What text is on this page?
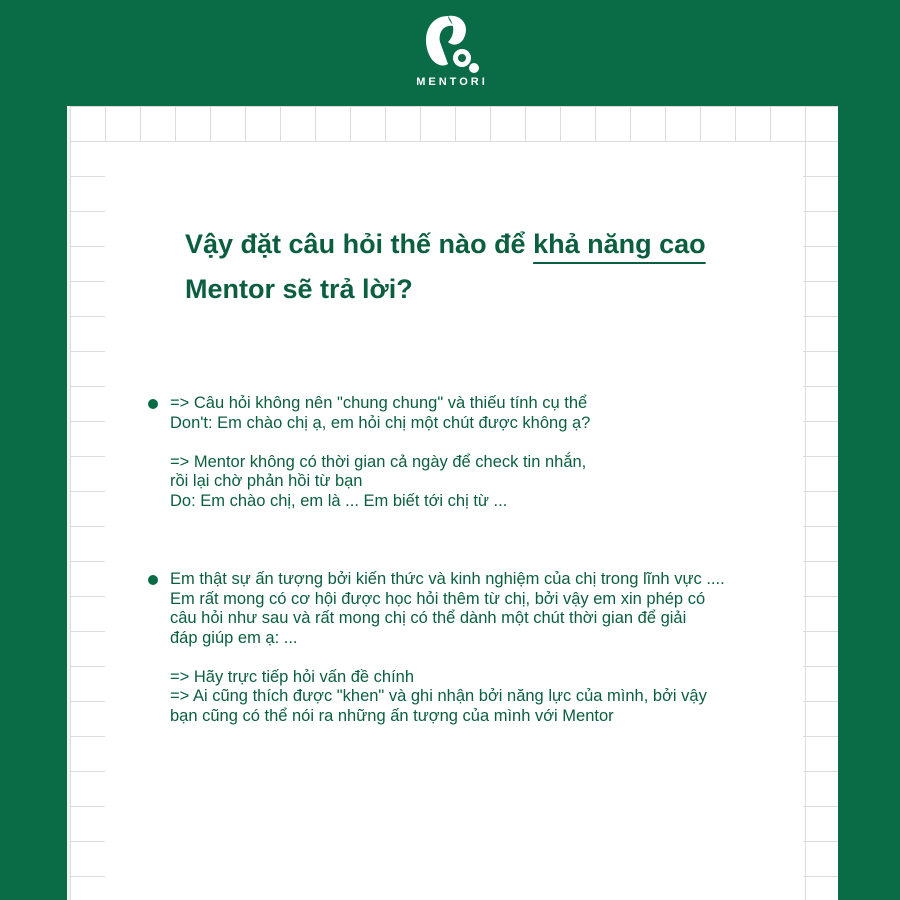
MENTORI
Vậy đặt câu hỏi thế nào để khả năng cao
Mentor sẽ trả lời?

=> Câu hỏi không nên "chung chung" và thiếu tính cụ thể

Don't: Em chào chị ạ, em hỏi chị một chút được không ạ?

=> Mentor không có thời gian cả ngày để check tin nhắn,

rồi lại chờ phản hồi từ bạn

Do: Em chào chị, em là ... Em biết tới chị từ ...

Em thật sự ấn tượng bởi kiến thức và kinh nghiệm của chị trong lĩnh vực ....

Em rất mong có cơ hội được học hỏi thêm từ chị, bởi vậy em xin phép có

câu hỏi như sau và rất mong chị có thể dành một chút thời gian để giải

đáp giúp em ạ: ...

=> Hãy trực tiếp hỏi vấn đề chính

=> Ai cũng thích được "khen" và ghi nhận bởi năng lực của mình, bởi vậy

bạn cũng có thể nói ra những ấn tượng của mình với Mentor
